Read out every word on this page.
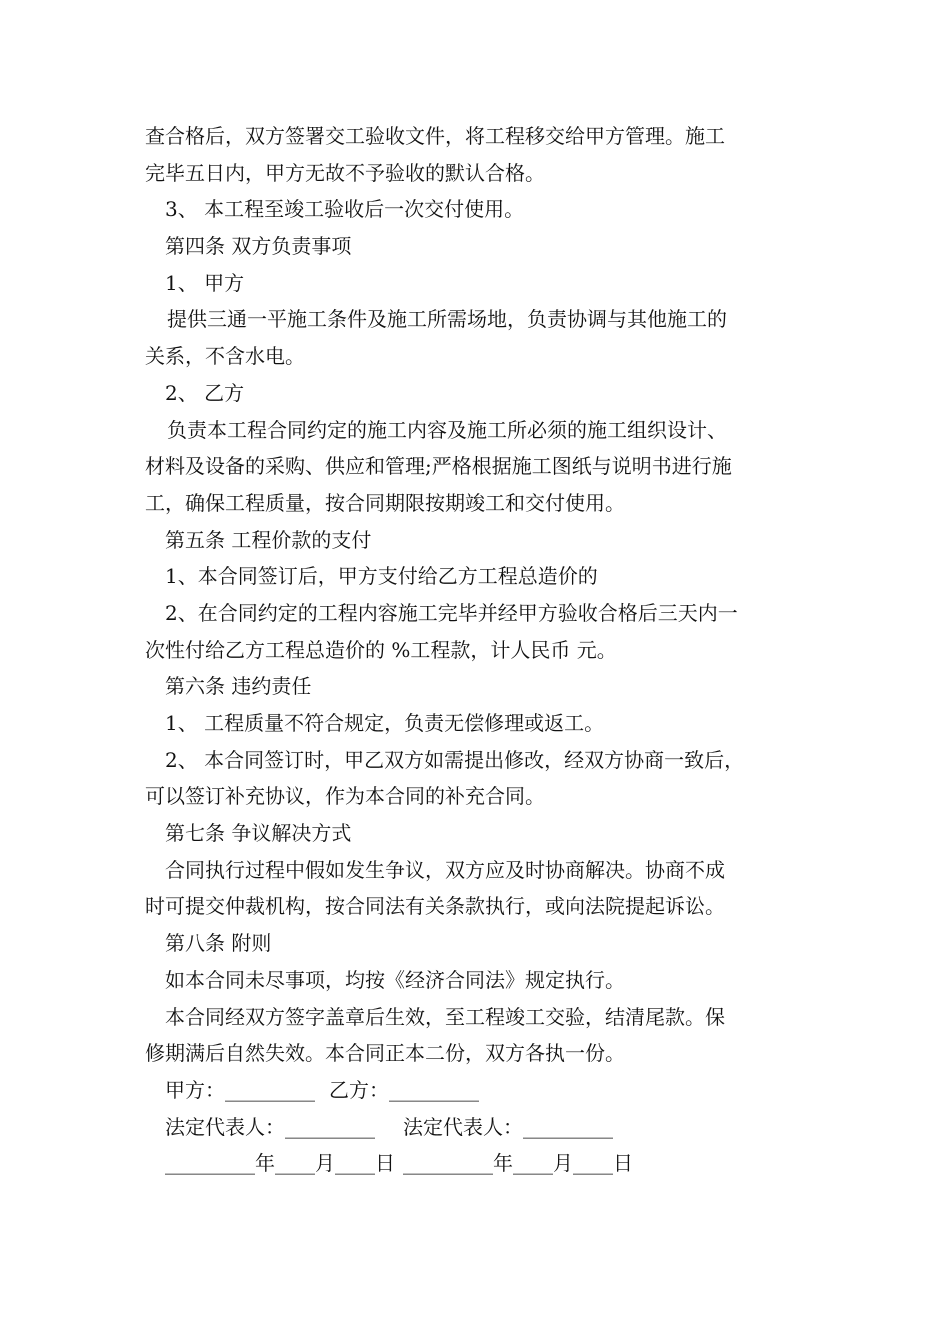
查合格后，双方签署交工验收文件，将工程移交给甲方管理。施工
完毕五日内，甲方无故不予验收的默认合格。
3、 本工程至竣工验收后一次交付使用。
第四条 双方负责事项
1、 甲方
提供三通一平施工条件及施工所需场地，负责协调与其他施工的
关系，不含水电。
2、 乙方
负责本工程合同约定的施工内容及施工所必须的施工组织设计、
材料及设备的采购、供应和管理;严格根据施工图纸与说明书进行施
工，确保工程质量，按合同期限按期竣工和交付使用。
第五条 工程价款的支付
1、本合同签订后，甲方支付给乙方工程总造价的
2、在合同约定的工程内容施工完毕并经甲方验收合格后三天内一
次性付给乙方工程总造价的 %工程款，计人民币 元。
第六条 违约责任
1、 工程质量不符合规定，负责无偿修理或返工。
2、 本合同签订时，甲乙双方如需提出修改，经双方协商一致后，
可以签订补充协议，作为本合同的补充合同。
第七条 争议解决方式
合同执行过程中假如发生争议，双方应及时协商解决。协商不成
时可提交仲裁机构，按合同法有关条款执行，或向法院提起诉讼。
第八条 附则
如本合同未尽事项，均按《经济合同法》规定执行。
本合同经双方签字盖章后生效，至工程竣工交验，结清尾款。保
修期满后自然失效。本合同正本二份，双方各执一份。
甲方：_________ 乙方：_________
法定代表人：_________ 法定代表人：_________
_________年____月____日 _________年____月____日
